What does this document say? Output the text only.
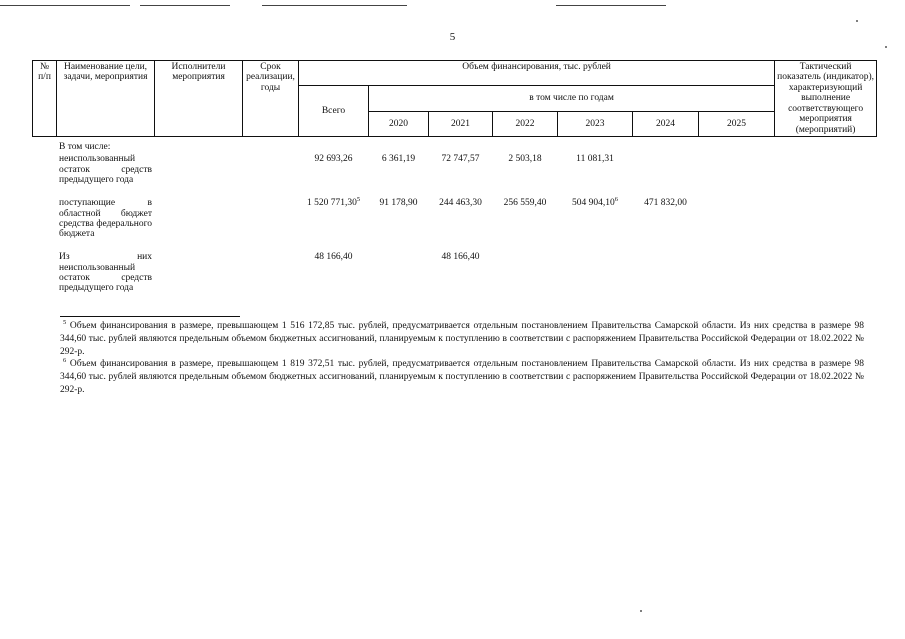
5
№ п/п	Наименование цели, задачи, мероприятия	Исполнители мероприятия	Срок реализации, годы	Объем финансирования, тыс. рублей							Тактический показатель (индикатор), характеризующий выполнение соответствующего мероприятия (мероприятий)
				Всего	в том числе по годам						
					2020	2021	2022	2023	2024	2025	
	В том числе:										
	неиспользованный остаток средств предыдущего года			92 693,26	6 361,19	72 747,57	2 503,18	11 081,31			
	поступающие в областной бюджет средства федерального бюджета			1 520 771,30$^5$	91 178,90	244 463,30	256 559,40	504 904,10$^6$	471 832,00		
	Из них неиспользованный остаток средств предыдущего года			48 166,40		48 166,40					

$^5$ Объем финансирования в размере, превышающем 1 516 172,85 тыс. рублей, предусматривается отдельным постановлением Правительства Самарской области. Из них средства в размере 98 344,60 тыс. рублей являются предельным объемом бюджетных ассигнований, планируемым к поступлению в соответствии с распоряжением Правительства Российской Федерации от 18.02.2022 № 292-р.

$^6$ Объем финансирования в размере, превышающем 1 819 372,51 тыс. рублей, предусматривается отдельным постановлением Правительства Самарской области. Из них средства в размере 98 344,60 тыс. рублей являются предельным объемом бюджетных ассигнований, планируемым к поступлению в соответствии с распоряжением Правительства Российской Федерации от 18.02.2022 № 292-р.
